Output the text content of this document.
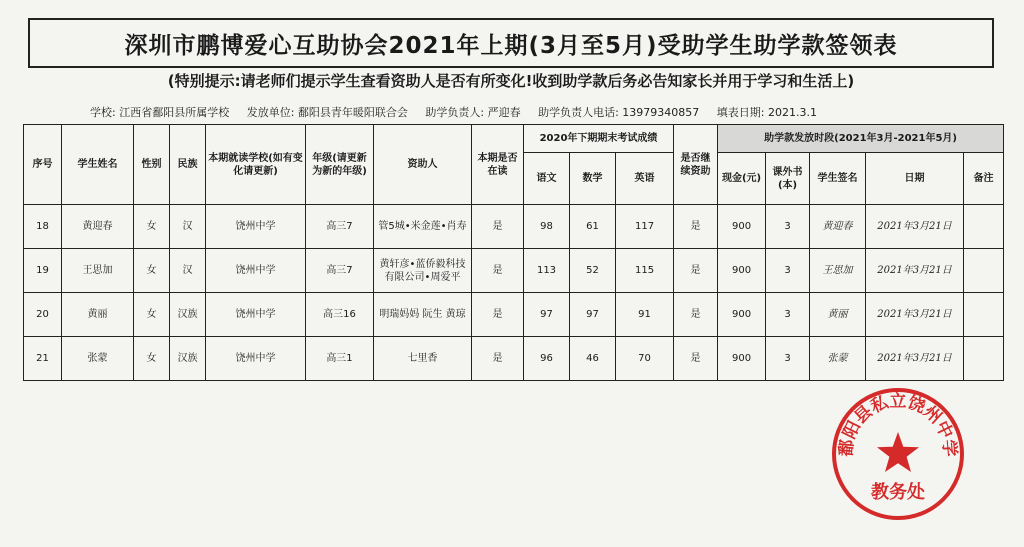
深圳市鹏博爱心互助协会2021年上期(3月至5月)受助学生助学款签领表
(特别提示:请老师们提示学生查看资助人是否有所变化!收到助学款后务必告知家长并用于学习和生活上)
学校: 江西省鄱阳县所属学校 发放单位: 鄱阳县青年暖阳联合会 助学负责人: 严迎春 助学负责人电话: 13979340857 填表日期: 2021.3.1
序号	学生姓名	性别	民族	本期就读学校(如有变化请更新)	年级(请更新为新的年级)	资助人	本期是否在读	2020年下期期末考试成绩			是否继续资助	助学款发放时段(2021年3月-2021年5月)				
								语文	数学	英语		现金(元)	课外书(本)	学生签名	日期	备注
18	黄迎春	女	汉	饶州中学	高三7	管5城•米金莲•肖寿	是	98	61	117	是	900	3	黄迎春	2021年3月21日	
19	王思加	女	汉	饶州中学	高三7	黄轩彦•蓝侨毅科技有限公司•周爱平	是	113	52	115	是	900	3	王思加	2021年3月21日	
20	黄丽	女	汉族	饶州中学	高三16	明瑞妈妈 阮生 黄琼	是	97	97	91	是	900	3	黄丽	2021年3月21日	
21	张蒙	女	汉族	饶州中学	高三1	七里香	是	96	46	70	是	900	3	张蒙	2021年3月21日	
鄱阳县私立饶州中学
教务处
